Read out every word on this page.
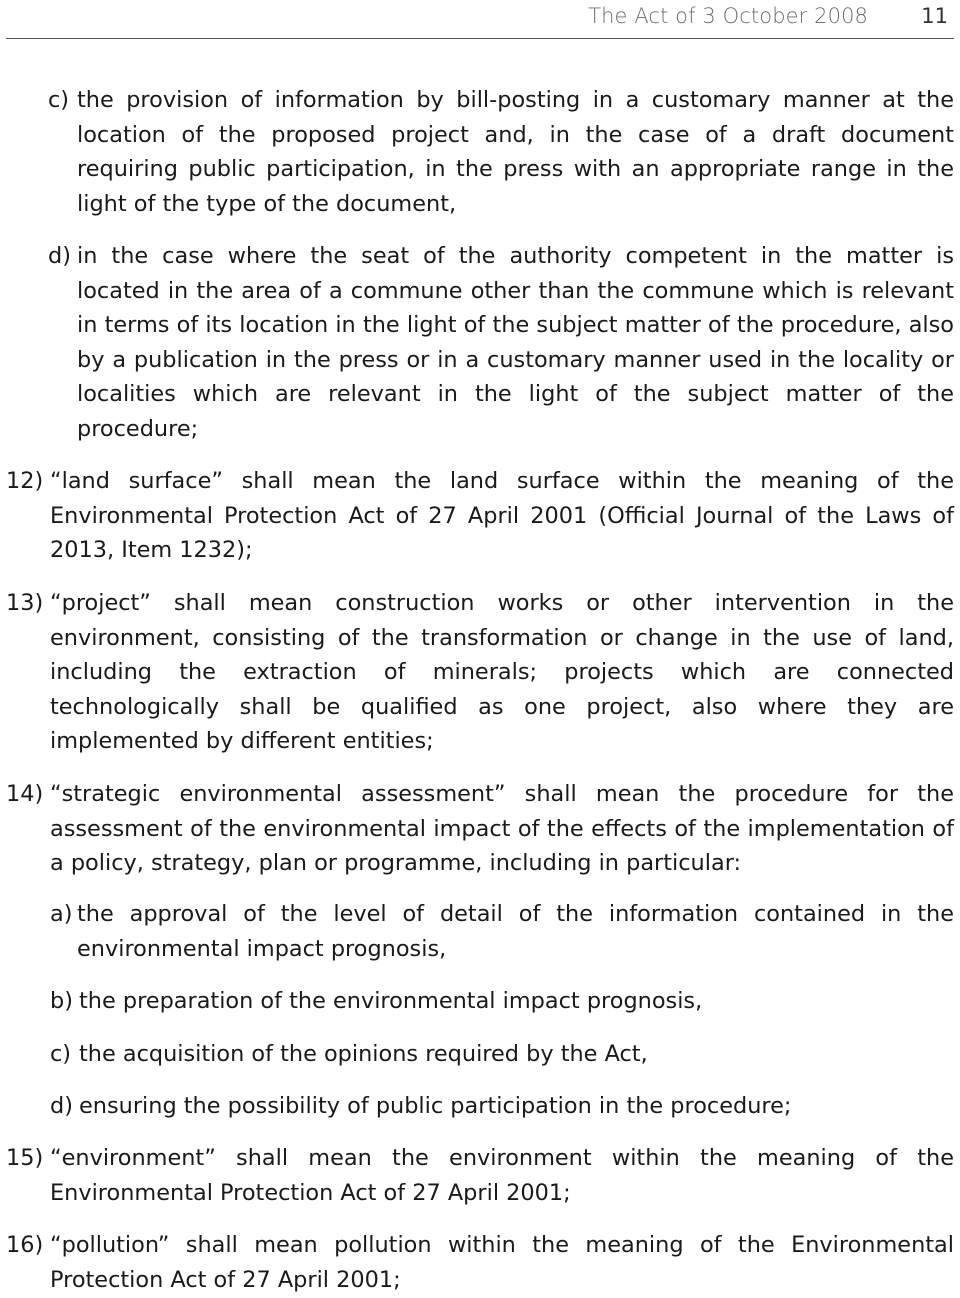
The Act of 3 October 2008	11
c) the provision of information by bill-posting in a customary manner at the location of the proposed project and, in the case of a draft document requiring public participation, in the press with an appropriate range in the light of the type of the document,
d) in the case where the seat of the authority competent in the matter is located in the area of a commune other than the commune which is relevant in terms of its location in the light of the subject matter of the procedure, also by a publication in the press or in a customary manner used in the locality or localities which are relevant in the light of the subject matter of the procedure;
12) “land surface” shall mean the land surface within the meaning of the Environmental Protection Act of 27 April 2001 (Official Journal of the Laws of 2013, Item 1232);
13) “project” shall mean construction works or other intervention in the environment, consisting of the transformation or change in the use of land, including the extraction of minerals; projects which are connected technologically shall be qualified as one project, also where they are implemented by different entities;
14) “strategic environmental assessment” shall mean the procedure for the assessment of the environmental impact of the effects of the implementation of a policy, strategy, plan or programme, including in particular:
a) the approval of the level of detail of the information contained in the environmental impact prognosis,
b) the preparation of the environmental impact prognosis,
c) the acquisition of the opinions required by the Act,
d) ensuring the possibility of public participation in the procedure;
15) “environment” shall mean the environment within the meaning of the Environmental Protection Act of 27 April 2001;
16) “pollution” shall mean pollution within the meaning of the Environmental Protection Act of 27 April 2001;
